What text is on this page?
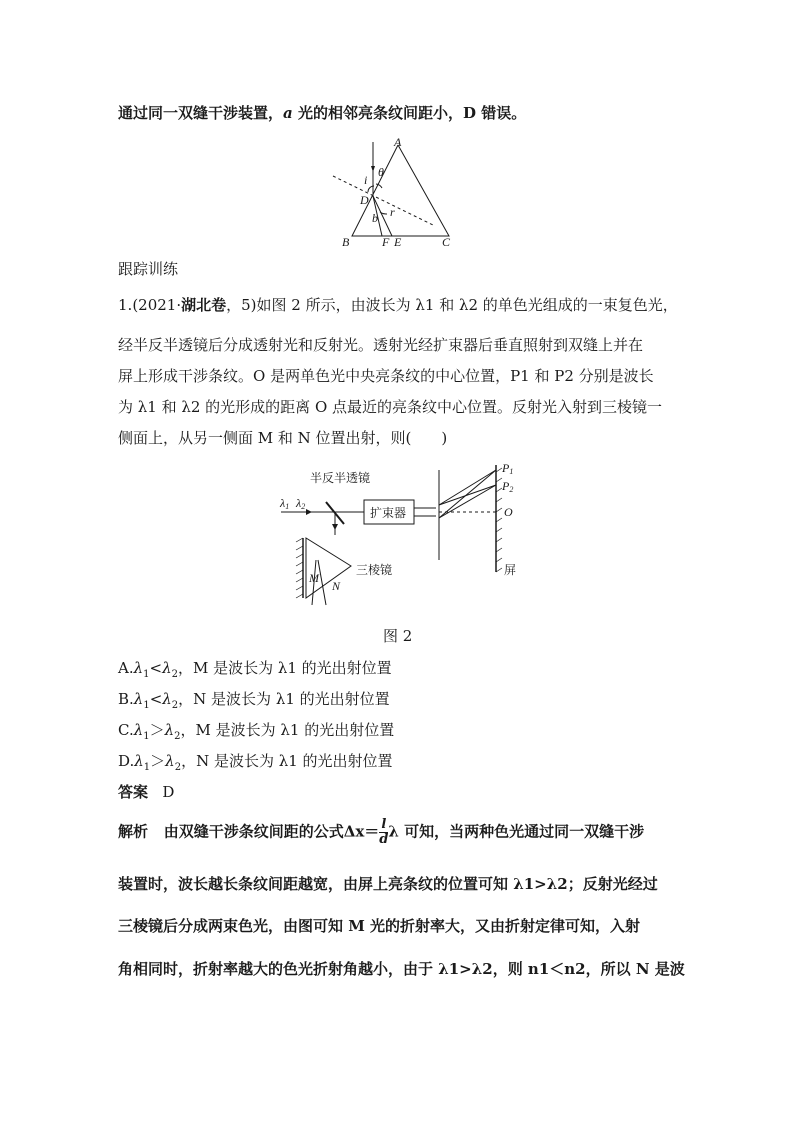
通过同一双缝干涉装置，a 光的相邻亮条纹间距小，D 错误。
A
B	C
D
E
F
i
θ
b r
跟踪训练
1.(2021·湖北卷，5)如图 2 所示，由波长为 λ1 和 λ2 的单色光组成的一束复色光，
经半反半透镜后分成透射光和反射光。透射光经扩束器后垂直照射到双缝上并在
屏上形成干涉条纹。O 是两单色光中央亮条纹的中心位置，P1 和 P2 分别是波长
为 λ1 和 λ2 的光形成的距离 O 点最近的亮条纹中心位置。反射光入射到三棱镜一
侧面上，从另一侧面 M 和 N 位置出射，则(　　)
半反半透镜
扩束器
三棱镜	屏
λ1 λ2
P1
P2
O
M
N
图 2
$A.\lambda_1<\lambda_2$，M 是波长为 λ1 的光出射位置
$B.\lambda_1<\lambda_2$，N 是波长为 λ1 的光出射位置
$C.\lambda_1>\lambda_2$，M 是波长为 λ1 的光出射位置
$D.\lambda_1>\lambda_2$，N 是波长为 λ1 的光出射位置
答案 D
解析 由双缝干涉条纹间距的公式$\Delta x= \frac{l}{d}$ λ 可知，当两种色光通过同一双缝干涉
装置时，波长越长条纹间距越宽，由屏上亮条纹的位置可知 λ1>λ2；反射光经过
三棱镜后分成两束色光，由图可知 M 光的折射率大，又由折射定律可知，入射
角相同时，折射率越大的色光折射角越小，由于 λ1>λ2，则 n1＜n2，所以 N 是波
